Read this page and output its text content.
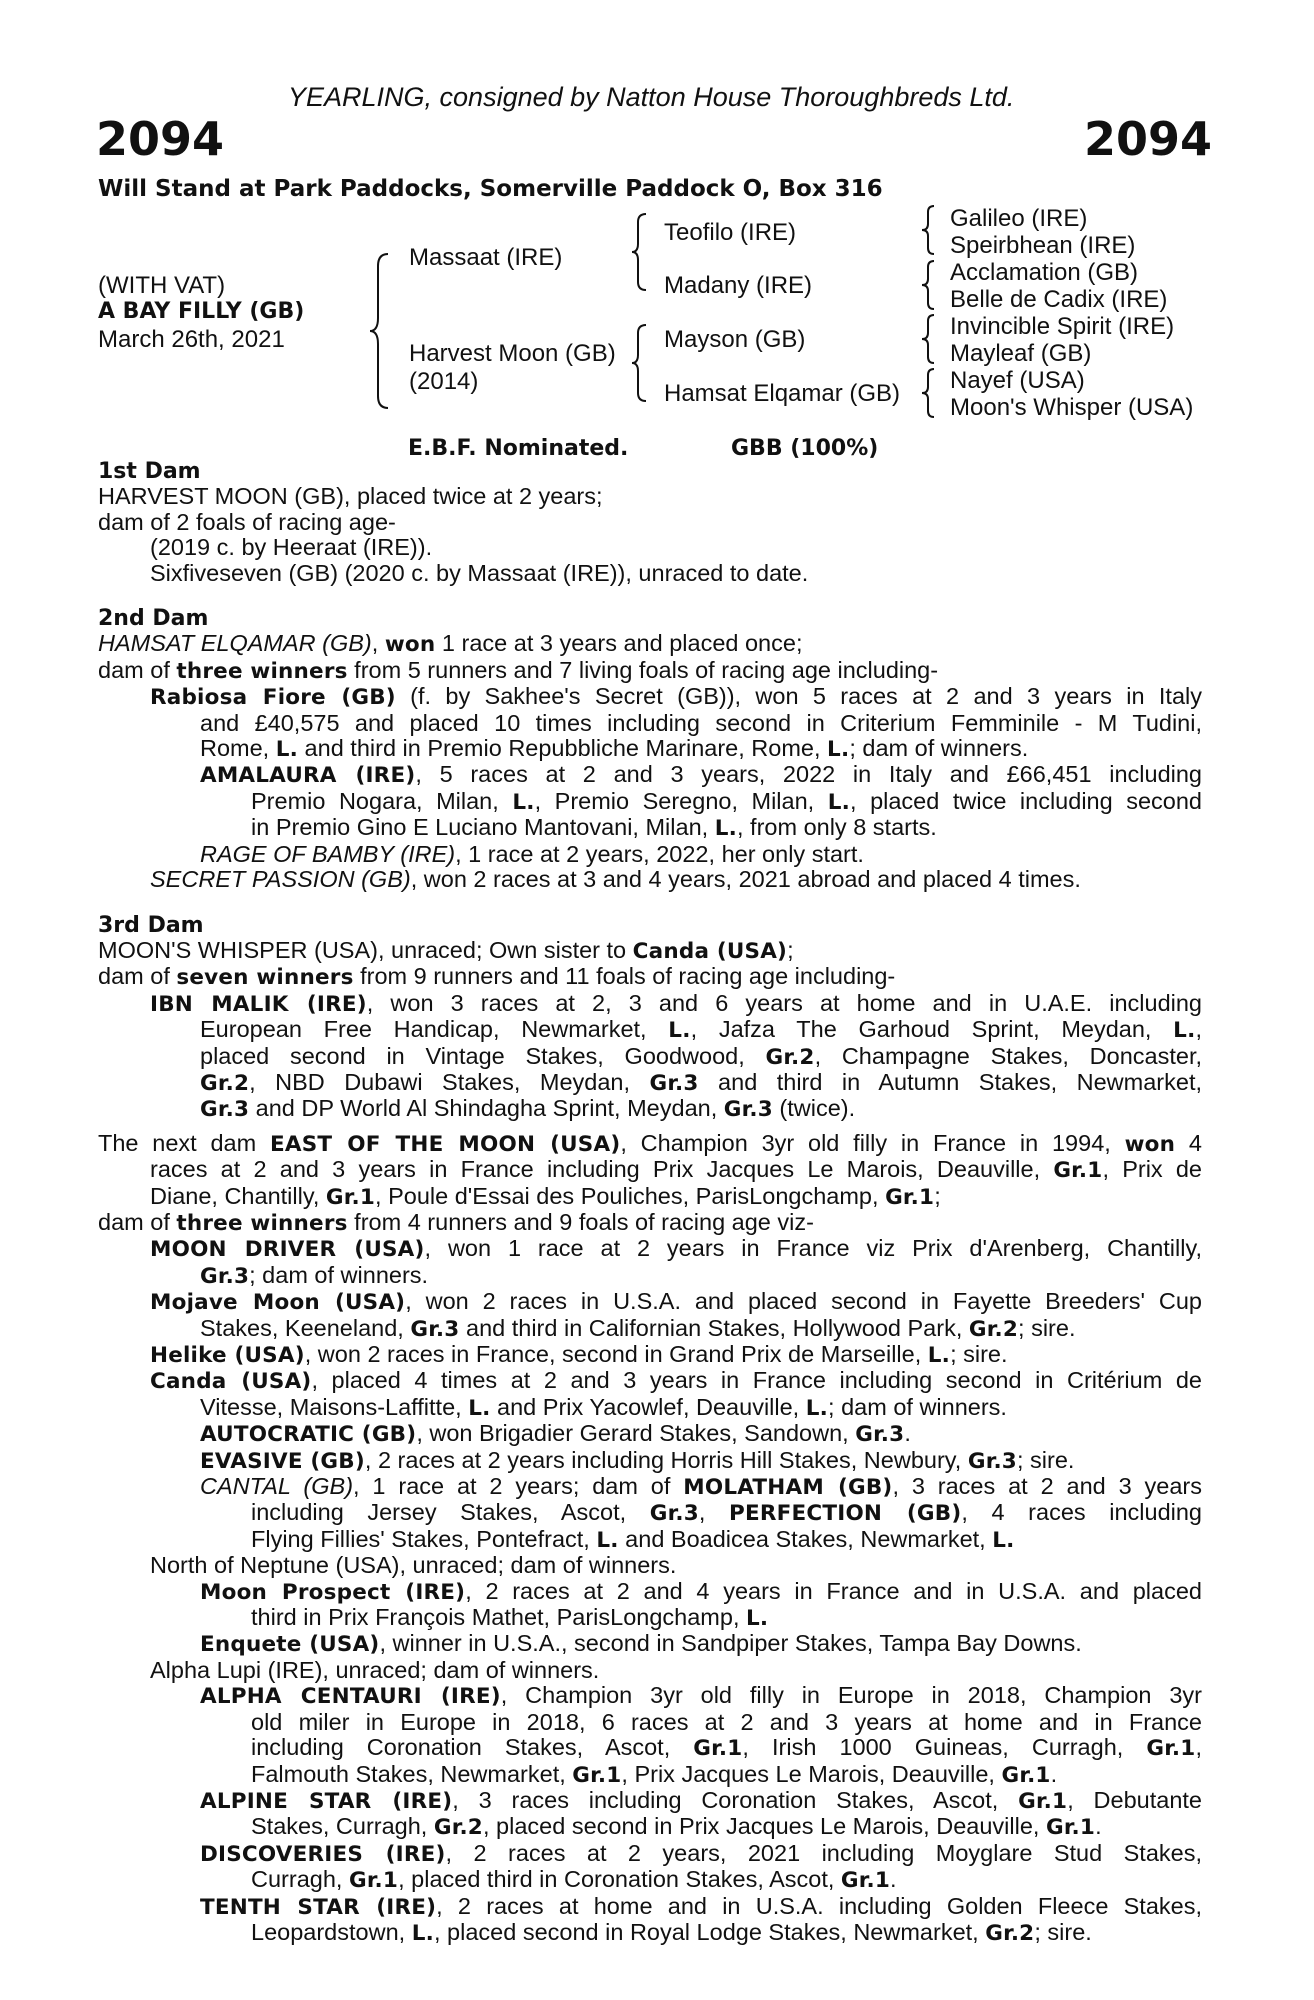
YEARLING, consigned by Natton House Thoroughbreds Ltd.
2094	2094
Will Stand at Park Paddocks, Somerville Paddock O, Box 316
(WITH VAT)
A BAY FILLY (GB)
March 26th, 2021
Massaat (IRE)
Harvest Moon (GB)
(2014)
Teofilo (IRE)
Madany (IRE)
Mayson (GB)
Hamsat Elqamar (GB)
Galileo (IRE)
Speirbhean (IRE)
Acclamation (GB)
Belle de Cadix (IRE)
Invincible Spirit (IRE)
Mayleaf (GB)
Nayef (USA)
Moon's Whisper (USA)
E.B.F. Nominated.	GBB (100%)
1st Dam
HARVEST MOON (GB), placed twice at 2 years;
dam of 2 foals of racing age-
(2019 c. by Heeraat (IRE)).
Sixfiveseven (GB) (2020 c. by Massaat (IRE)), unraced to date.
2nd Dam
HAMSAT ELQAMAR (GB), won 1 race at 3 years and placed once;
dam of three winners from 5 runners and 7 living foals of racing age including-
Rabiosa Fiore (GB) (f. by Sakhee's Secret (GB)), won 5 races at 2 and 3 years in Italy
and £40,575 and placed 10 times including second in Criterium Femminile - M Tudini,
Rome, L. and third in Premio Repubbliche Marinare, Rome, L.; dam of winners.
AMALAURA (IRE), 5 races at 2 and 3 years, 2022 in Italy and £66,451 including
Premio Nogara, Milan, L., Premio Seregno, Milan, L., placed twice including second
in Premio Gino E Luciano Mantovani, Milan, L., from only 8 starts.
RAGE OF BAMBY (IRE), 1 race at 2 years, 2022, her only start.
SECRET PASSION (GB), won 2 races at 3 and 4 years, 2021 abroad and placed 4 times.
3rd Dam
MOON'S WHISPER (USA), unraced; Own sister to Canda (USA);
dam of seven winners from 9 runners and 11 foals of racing age including-
IBN MALIK (IRE), won 3 races at 2, 3 and 6 years at home and in U.A.E. including
European Free Handicap, Newmarket, L., Jafza The Garhoud Sprint, Meydan, L.,
placed second in Vintage Stakes, Goodwood, Gr.2, Champagne Stakes, Doncaster,
Gr.2, NBD Dubawi Stakes, Meydan, Gr.3 and third in Autumn Stakes, Newmarket,
Gr.3 and DP World Al Shindagha Sprint, Meydan, Gr.3 (twice).
The next dam EAST OF THE MOON (USA), Champion 3yr old filly in France in 1994, won 4
races at 2 and 3 years in France including Prix Jacques Le Marois, Deauville, Gr.1, Prix de
Diane, Chantilly, Gr.1, Poule d'Essai des Pouliches, ParisLongchamp, Gr.1;
dam of three winners from 4 runners and 9 foals of racing age viz-
MOON DRIVER (USA), won 1 race at 2 years in France viz Prix d'Arenberg, Chantilly,
Gr.3; dam of winners.
Mojave Moon (USA), won 2 races in U.S.A. and placed second in Fayette Breeders' Cup
Stakes, Keeneland, Gr.3 and third in Californian Stakes, Hollywood Park, Gr.2; sire.
Helike (USA), won 2 races in France, second in Grand Prix de Marseille, L.; sire.
Canda (USA), placed 4 times at 2 and 3 years in France including second in Critérium de
Vitesse, Maisons-Laffitte, L. and Prix Yacowlef, Deauville, L.; dam of winners.
AUTOCRATIC (GB), won Brigadier Gerard Stakes, Sandown, Gr.3.
EVASIVE (GB), 2 races at 2 years including Horris Hill Stakes, Newbury, Gr.3; sire.
CANTAL (GB), 1 race at 2 years; dam of MOLATHAM (GB), 3 races at 2 and 3 years
including Jersey Stakes, Ascot, Gr.3, PERFECTION (GB), 4 races including
Flying Fillies' Stakes, Pontefract, L. and Boadicea Stakes, Newmarket, L.
North of Neptune (USA), unraced; dam of winners.
Moon Prospect (IRE), 2 races at 2 and 4 years in France and in U.S.A. and placed
third in Prix François Mathet, ParisLongchamp, L.
Enquete (USA), winner in U.S.A., second in Sandpiper Stakes, Tampa Bay Downs.
Alpha Lupi (IRE), unraced; dam of winners.
ALPHA CENTAURI (IRE), Champion 3yr old filly in Europe in 2018, Champion 3yr
old miler in Europe in 2018, 6 races at 2 and 3 years at home and in France
including Coronation Stakes, Ascot, Gr.1, Irish 1000 Guineas, Curragh, Gr.1,
Falmouth Stakes, Newmarket, Gr.1, Prix Jacques Le Marois, Deauville, Gr.1.
ALPINE STAR (IRE), 3 races including Coronation Stakes, Ascot, Gr.1, Debutante
Stakes, Curragh, Gr.2, placed second in Prix Jacques Le Marois, Deauville, Gr.1.
DISCOVERIES (IRE), 2 races at 2 years, 2021 including Moyglare Stud Stakes,
Curragh, Gr.1, placed third in Coronation Stakes, Ascot, Gr.1.
TENTH STAR (IRE), 2 races at home and in U.S.A. including Golden Fleece Stakes,
Leopardstown, L., placed second in Royal Lodge Stakes, Newmarket, Gr.2; sire.
